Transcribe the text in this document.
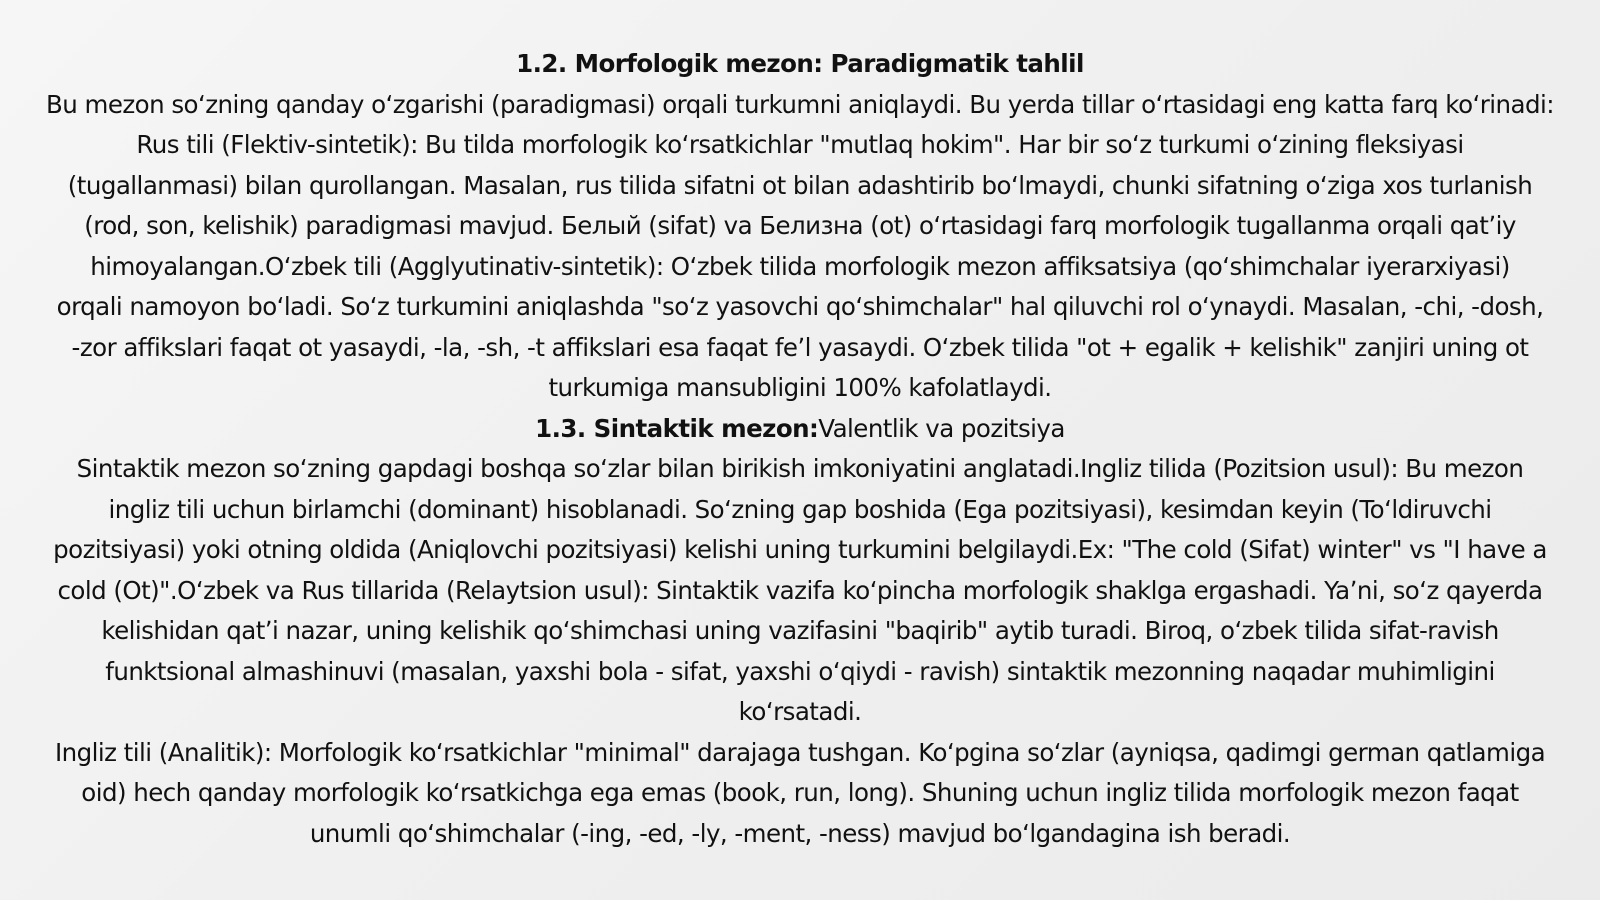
1.2. Morfologik mezon: Paradigmatik tahlil
Bu mezon soʻzning qanday oʻzgarishi (paradigmasi) orqali turkumni aniqlaydi. Bu yerda tillar oʻrtasidagi eng katta farq koʻrinadi:
Rus tili (Flektiv-sintetik): Bu tilda morfologik koʻrsatkichlar "mutlaq hokim". Har bir soʻz turkumi oʻzining fleksiyasi
(tugallanmasi) bilan qurollangan. Masalan, rus tilida sifatni ot bilan adashtirib boʻlmaydi, chunki sifatning oʻziga xos turlanish
(rod, son, kelishik) paradigmasi mavjud. Белый (sifat) va Белизна (ot) oʻrtasidagi farq morfologik tugallanma orqali qatʼiy
himoyalangan.Oʻzbek tili (Agglyutinativ-sintetik): Oʻzbek tilida morfologik mezon affiksatsiya (qoʻshimchalar iyerarxiyasi)
orqali namoyon boʻladi. Soʻz turkumini aniqlashda "soʻz yasovchi qoʻshimchalar" hal qiluvchi rol oʻynaydi. Masalan, -chi, -dosh,
-zor affikslari faqat ot yasaydi, -la, -sh, -t affikslari esa faqat feʼl yasaydi. Oʻzbek tilida "ot + egalik + kelishik" zanjiri uning ot
turkumiga mansubligini 100% kafolatlaydi.
1.3. Sintaktik mezon:Valentlik va pozitsiya
Sintaktik mezon soʻzning gapdagi boshqa soʻzlar bilan birikish imkoniyatini anglatadi.Ingliz tilida (Pozitsion usul): Bu mezon
ingliz tili uchun birlamchi (dominant) hisoblanadi. Soʻzning gap boshida (Ega pozitsiyasi), kesimdan keyin (Toʻldiruvchi
pozitsiyasi) yoki otning oldida (Aniqlovchi pozitsiyasi) kelishi uning turkumini belgilaydi.Ex: "The cold (Sifat) winter" vs "I have a
cold (Ot)".Oʻzbek va Rus tillarida (Relaytsion usul): Sintaktik vazifa koʻpincha morfologik shaklga ergashadi. Yaʼni, soʻz qayerda
kelishidan qatʼi nazar, uning kelishik qoʻshimchasi uning vazifasini "baqirib" aytib turadi. Biroq, oʻzbek tilida sifat-ravish
funktsional almashinuvi (masalan, yaxshi bola - sifat, yaxshi oʻqiydi - ravish) sintaktik mezonning naqadar muhimligini
koʻrsatadi.
Ingliz tili (Analitik): Morfologik koʻrsatkichlar "minimal" darajaga tushgan. Koʻpgina soʻzlar (ayniqsa, qadimgi german qatlamiga
oid) hech qanday morfologik koʻrsatkichga ega emas (book, run, long). Shuning uchun ingliz tilida morfologik mezon faqat
unumli qoʻshimchalar (-ing, -ed, -ly, -ment, -ness) mavjud boʻlgandagina ish beradi.
